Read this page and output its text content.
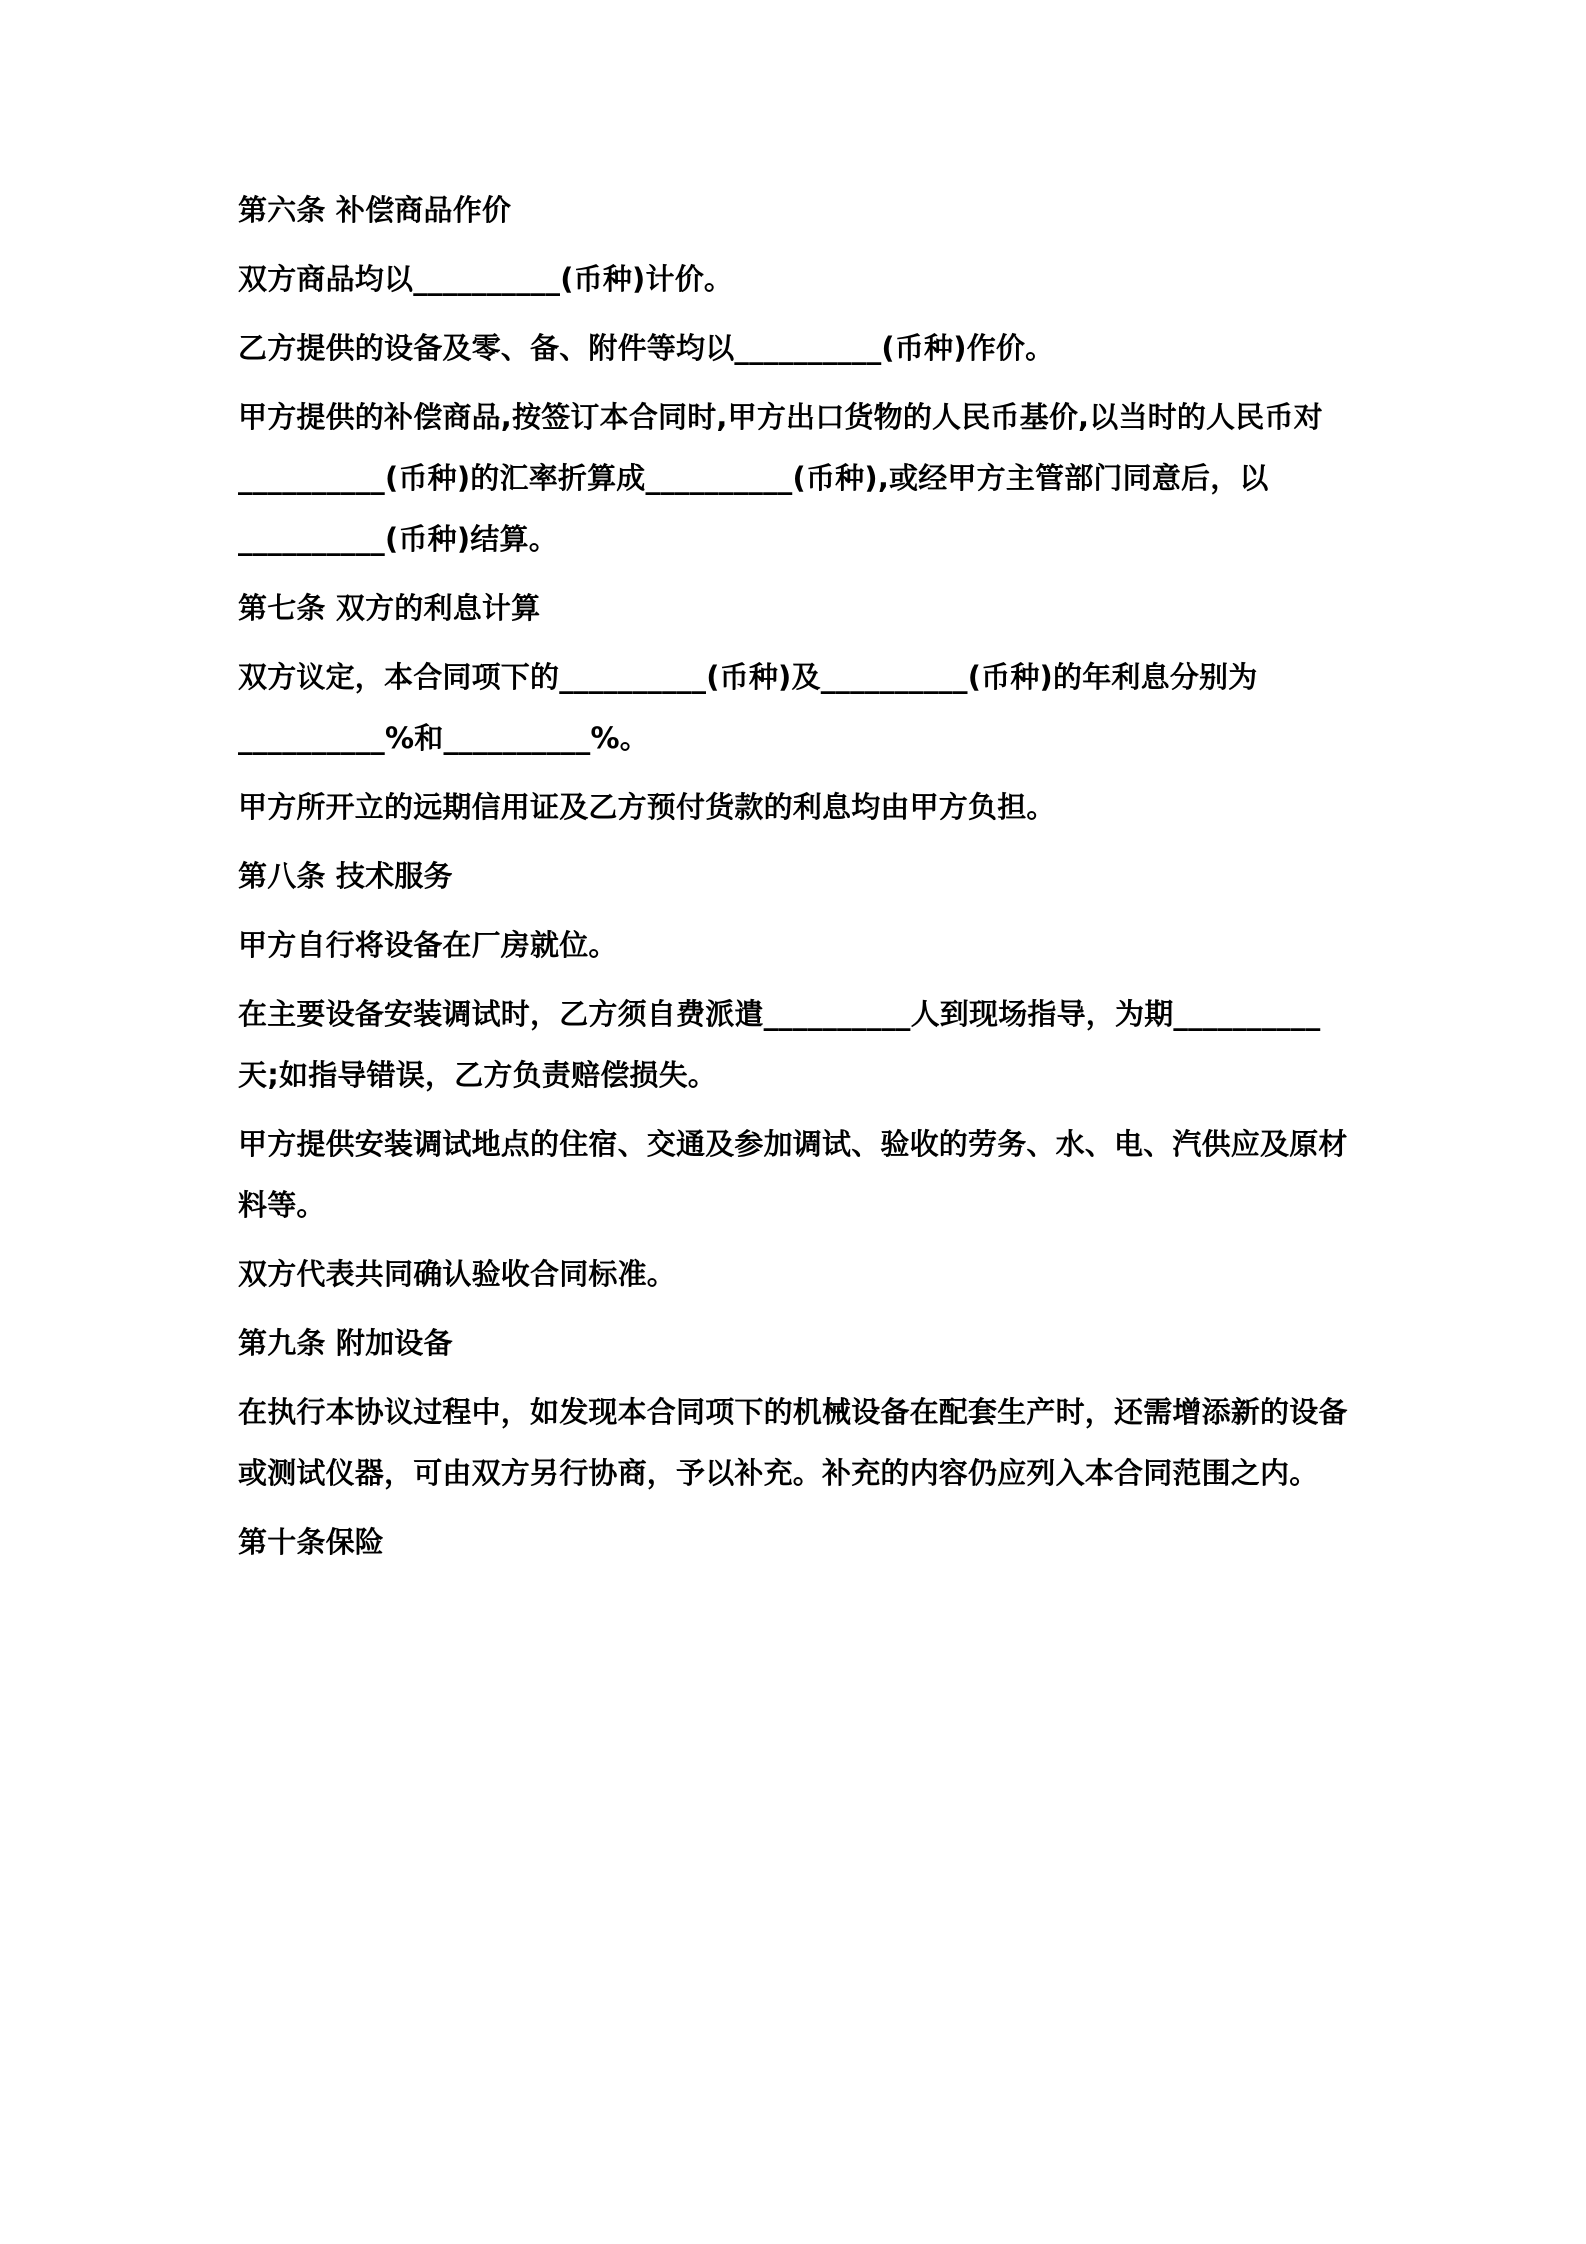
第六条 补偿商品作价

双方商品均以__________(币种)计价。

乙方提供的设备及零、备、附件等均以__________(币种)作价。

甲方提供的补偿商品,按签订本合同时,甲方出口货物的人民币基价,以当时的人民币对__________(币种)的汇率折算成__________(币种),或经甲方主管部门同意后，以__________(币种)结算。

第七条 双方的利息计算

双方议定，本合同项下的__________(币种)及__________(币种)的年利息分别为__________%和__________%。

甲方所开立的远期信用证及乙方预付货款的利息均由甲方负担。

第八条 技术服务

甲方自行将设备在厂房就位。

在主要设备安装调试时，乙方须自费派遣__________人到现场指导，为期__________天;如指导错误，乙方负责赔偿损失。

甲方提供安装调试地点的住宿、交通及参加调试、验收的劳务、水、电、汽供应及原材料等。

双方代表共同确认验收合同标准。

第九条 附加设备

在执行本协议过程中，如发现本合同项下的机械设备在配套生产时，还需增添新的设备或测试仪器，可由双方另行协商，予以补充。补充的内容仍应列入本合同范围之内。

第十条保险
